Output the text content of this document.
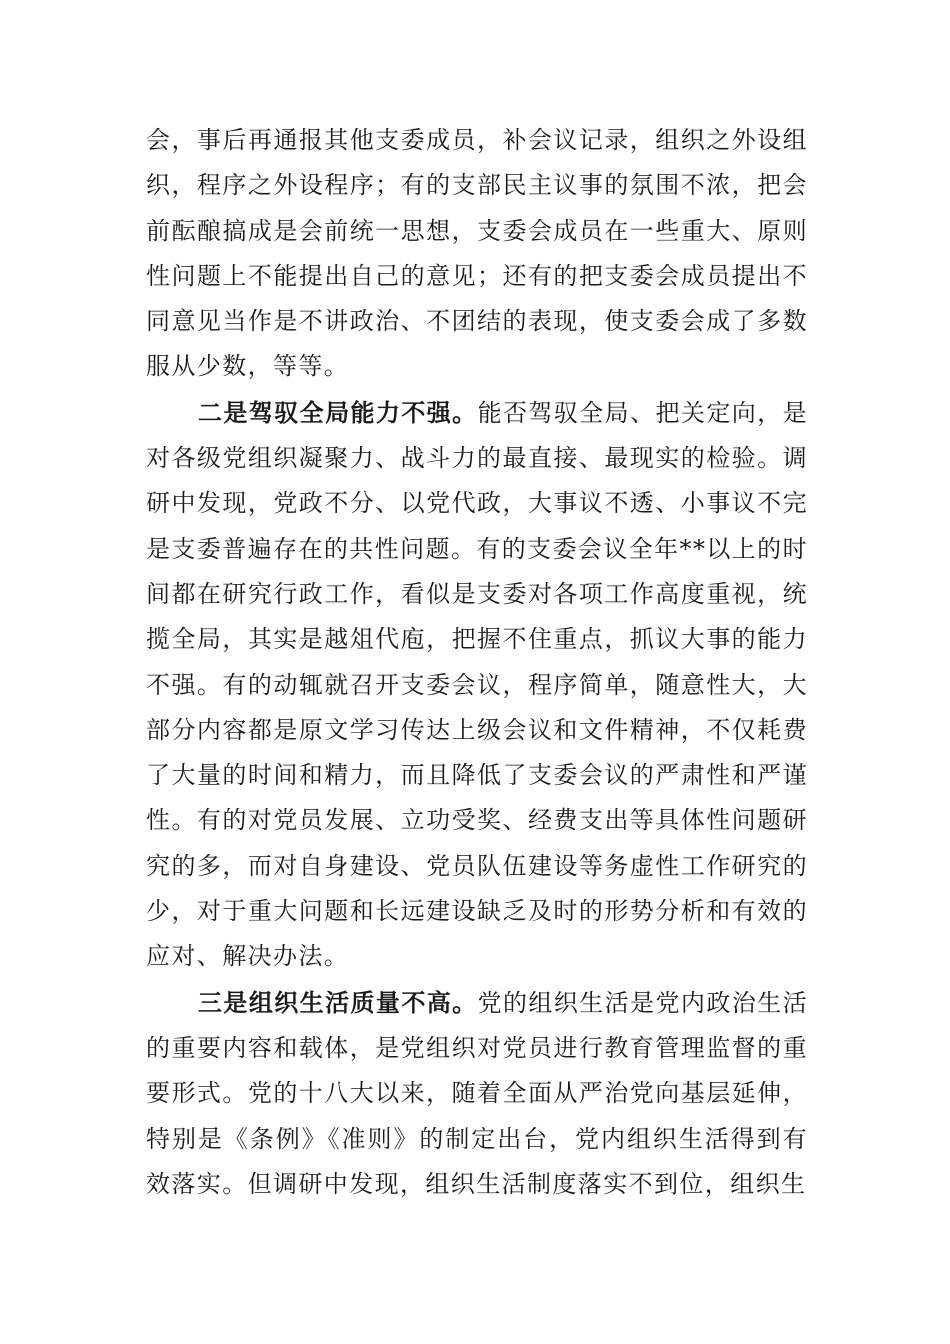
会，事后再通报其他支委成员，补会议记录，组织之外设组织，程序之外设程序；有的支部民主议事的氛围不浓，把会前酝酿搞成是会前统一思想，支委会成员在一些重大、原则性问题上不能提出自己的意见；还有的把支委会成员提出不同意见当作是不讲政治、不团结的表现，使支委会成了多数服从少数，等等。

二是驾驭全局能力不强。能否驾驭全局、把关定向，是对各级党组织凝聚力、战斗力的最直接、最现实的检验。调研中发现，党政不分、以党代政，大事议不透、小事议不完是支委普遍存在的共性问题。有的支委会议全年**以上的时间都在研究行政工作，看似是支委对各项工作高度重视，统揽全局，其实是越俎代庖，把握不住重点，抓议大事的能力不强。有的动辄就召开支委会议，程序简单，随意性大，大部分内容都是原文学习传达上级会议和文件精神，不仅耗费了大量的时间和精力，而且降低了支委会议的严肃性和严谨性。有的对党员发展、立功受奖、经费支出等具体性问题研究的多，而对自身建设、党员队伍建设等务虚性工作研究的少，对于重大问题和长远建设缺乏及时的形势分析和有效的应对、解决办法。

三是组织生活质量不高。党的组织生活是党内政治生活的重要内容和载体，是党组织对党员进行教育管理监督的重要形式。党的十八大以来，随着全面从严治党向基层延伸，特别是《条例》《准则》的制定出台，党内组织生活得到有效落实。但调研中发现，组织生活制度落实不到位，组织生
